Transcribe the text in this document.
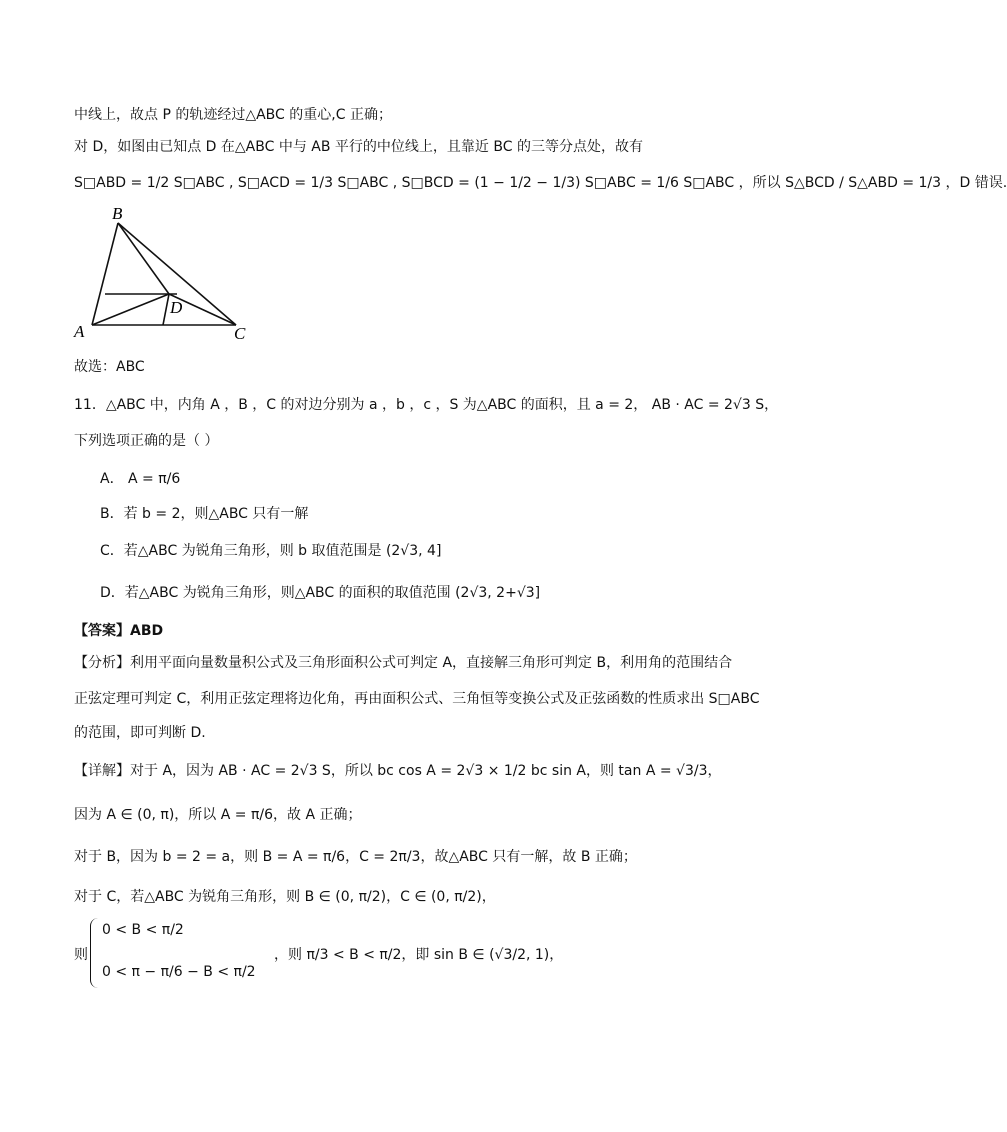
中线上，故点 P 的轨迹经过△ABC 的重心,C 正确；
对 D，如图由已知点 D 在△ABC 中与 AB 平行的中位线上，且靠近 BC 的三等分点处，故有
S□ABD = 1/2 S□ABC , S□ACD = 1/3 S□ABC , S□BCD = (1 − 1/2 − 1/3) S□ABC = 1/6 S□ABC ，所以 S△BCD / S△ABD = 1/3 ，D 错误.
B
A	C
D
故选：ABC
11．△ABC 中，内角 A ，B ，C 的对边分别为 a ，b ，c ，S 为△ABC 的面积，且 a = 2， AB · AC = 2√3 S，
下列选项正确的是（ ）
A． A = π/6
B．若 b = 2，则△ABC 只有一解
C．若△ABC 为锐角三角形，则 b 取值范围是 (2√3, 4]
D．若△ABC 为锐角三角形，则△ABC 的面积的取值范围 (2√3, 2+√3]
【答案】ABD
【分析】利用平面向量数量积公式及三角形面积公式可判定 A，直接解三角形可判定 B，利用角的范围结合
正弦定理可判定 C，利用正弦定理将边化角，再由面积公式、三角恒等变换公式及正弦函数的性质求出 S□ABC
的范围，即可判断 D.
【详解】对于 A，因为 AB · AC = 2√3 S，所以 bc cos A = 2√3 × 1/2 bc sin A，则 tan A = √3/3，
因为 A ∈ (0, π)，所以 A = π/6，故 A 正确；
对于 B，因为 b = 2 = a，则 B = A = π/6，C = 2π/3，故△ABC 只有一解，故 B 正确；
对于 C，若△ABC 为锐角三角形，则 B ∈ (0, π/2)，C ∈ (0, π/2)，
则
0 < B < π/2
0 < π − π/6 − B < π/2
，则 π/3 < B < π/2，即 sin B ∈ (√3/2, 1)，
